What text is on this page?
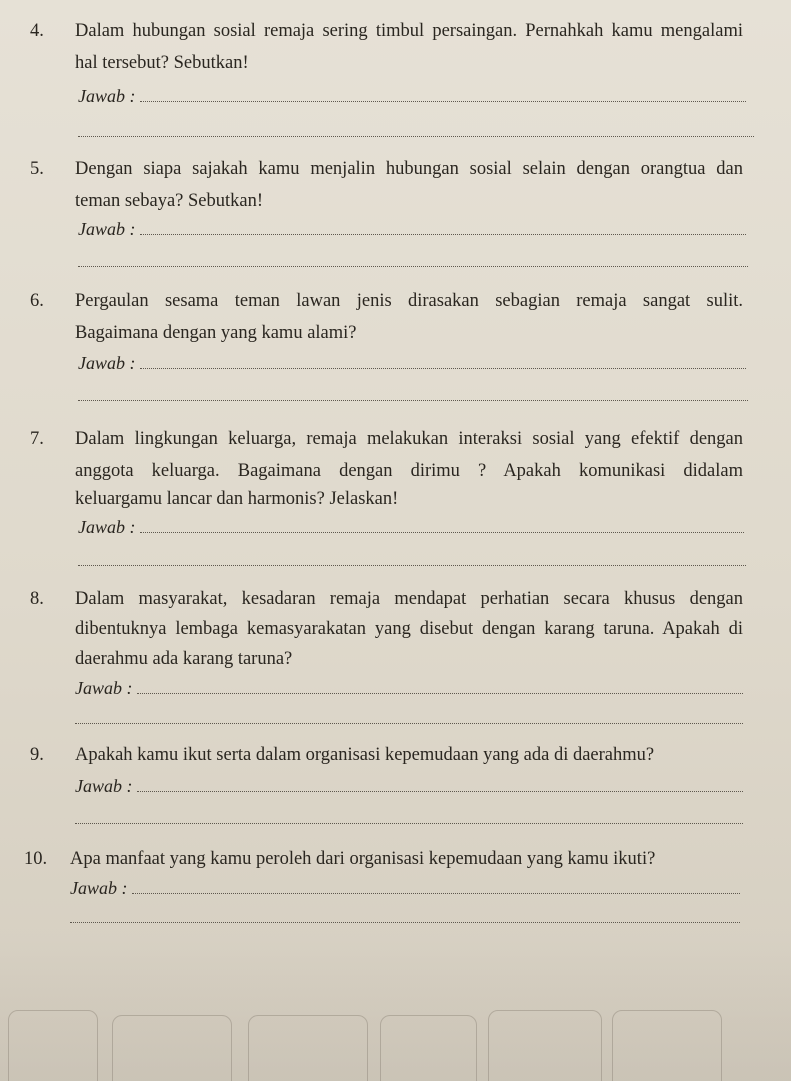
4. Dalam hubungan sosial remaja sering timbul persaingan. Pernahkah kamu mengalami
hal tersebut? Sebutkan!
Jawab :
5. Dengan siapa sajakah kamu menjalin hubungan sosial selain dengan orangtua dan
teman sebaya? Sebutkan!
Jawab :
6. Pergaulan sesama teman lawan jenis dirasakan sebagian remaja sangat sulit.
Bagaimana dengan yang kamu alami?
Jawab :
7. Dalam lingkungan keluarga, remaja melakukan interaksi sosial yang efektif dengan
anggota keluarga. Bagaimana dengan dirimu ? Apakah komunikasi didalam
keluargamu lancar dan harmonis? Jelaskan!
Jawab :
8. Dalam masyarakat, kesadaran remaja mendapat perhatian secara khusus dengan
dibentuknya lembaga kemasyarakatan yang disebut dengan karang taruna. Apakah di
daerahmu ada karang taruna?
Jawab :
9. Apakah kamu ikut serta dalam organisasi kepemudaan yang ada di daerahmu?
Jawab :
10. Apa manfaat yang kamu peroleh dari organisasi kepemudaan yang kamu ikuti?
Jawab :
